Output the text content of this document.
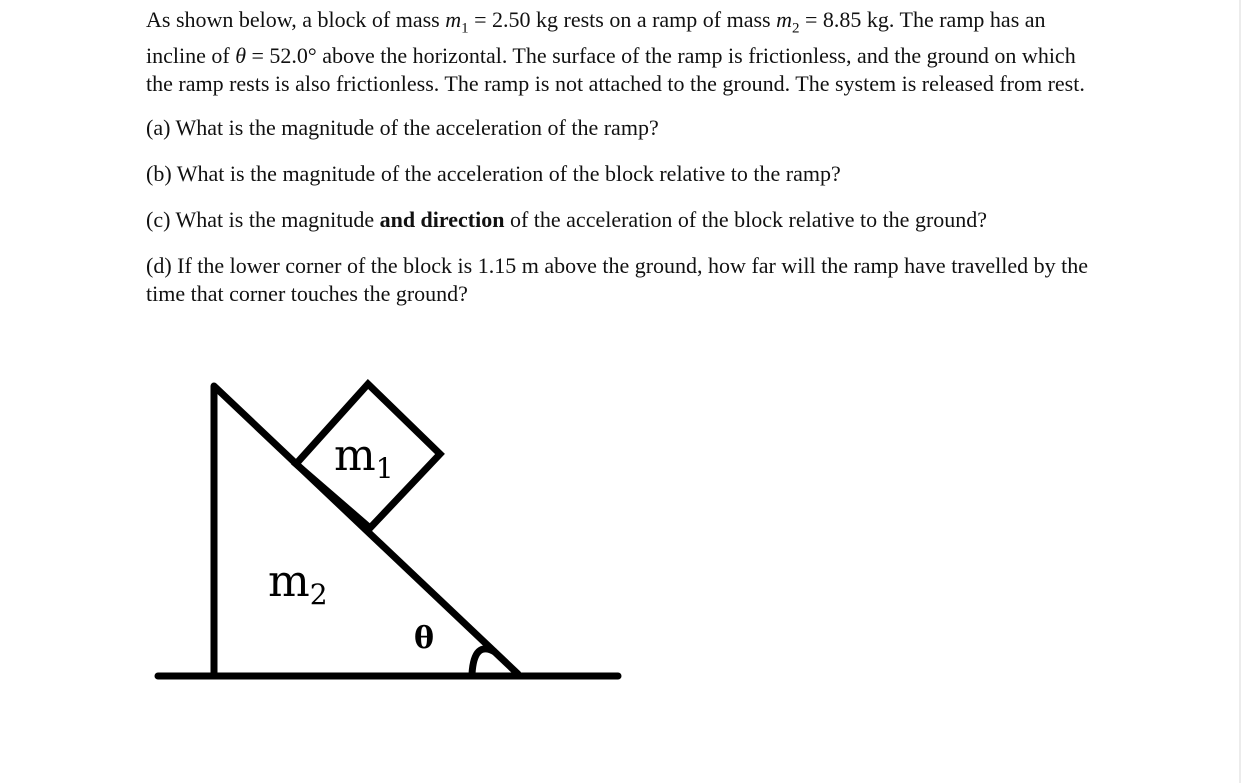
As shown below, a block of mass $m_1 = 2.50$ kg rests on a ramp of mass $m_2 = 8.85$ kg. The ramp has an incline of θ = 52.0° above the horizontal. The surface of the ramp is frictionless, and the ground on which the ramp rests is also frictionless. The ramp is not attached to the ground. The system is released from rest.

(a) What is the magnitude of the acceleration of the ramp?

(b) What is the magnitude of the acceleration of the block relative to the ramp?

(c) What is the magnitude and direction of the acceleration of the block relative to the ground?

(d) If the lower corner of the block is 1.15 m above the ground, how far will the ramp have travelled by the time that corner touches the ground?

m1
m2
θ
